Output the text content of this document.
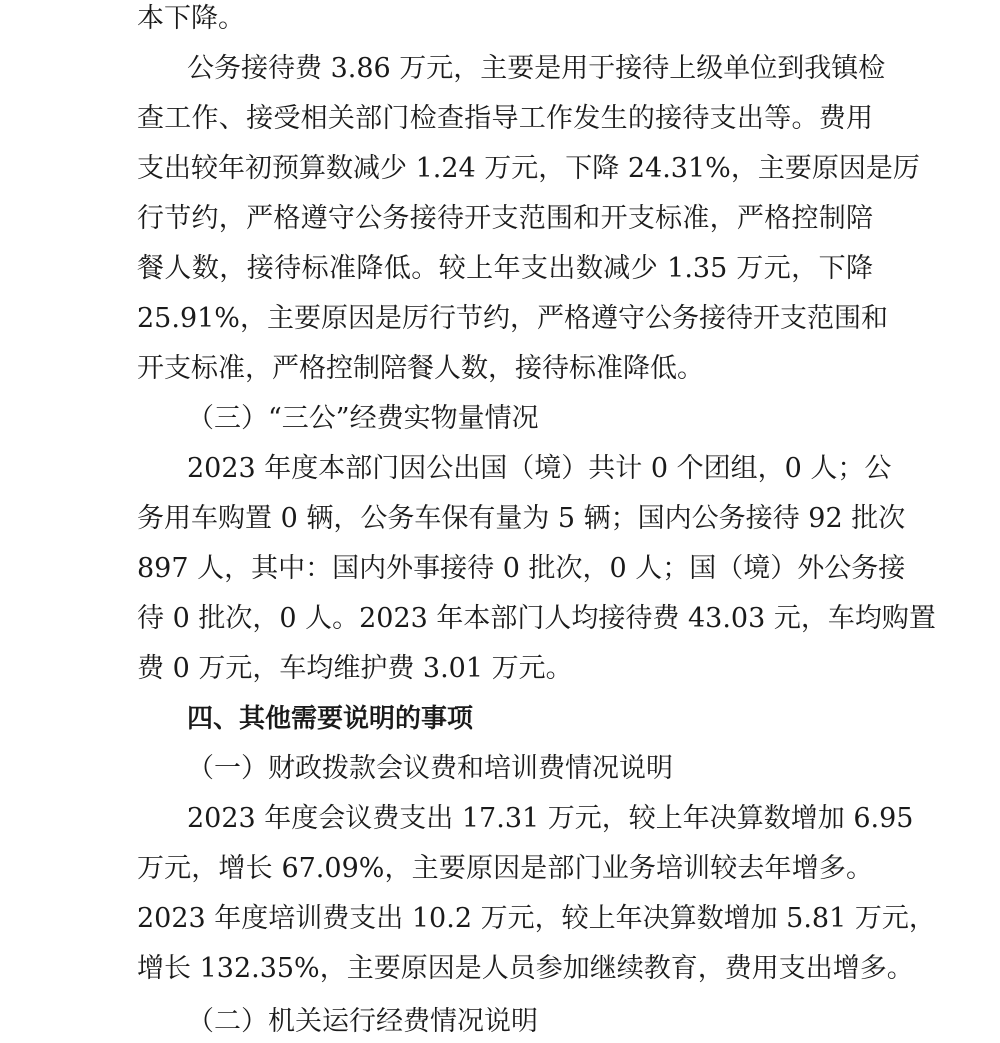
本下降。
公务接待费 3.86 万元，主要是用于接待上级单位到我镇检
查工作、接受相关部门检查指导工作发生的接待支出等。费用
支出较年初预算数减少 1.24 万元，下降 24.31%，主要原因是厉
行节约，严格遵守公务接待开支范围和开支标准，严格控制陪
餐人数，接待标准降低。较上年支出数减少 1.35 万元，下降
25.91%，主要原因是厉行节约，严格遵守公务接待开支范围和
开支标准，严格控制陪餐人数，接待标准降低。
（三）“三公”经费实物量情况
2023 年度本部门因公出国（境）共计 0 个团组，0 人；公
务用车购置 0 辆，公务车保有量为 5 辆；国内公务接待 92 批次
897 人，其中：国内外事接待 0 批次，0 人；国（境）外公务接
待 0 批次，0 人。2023 年本部门人均接待费 43.03 元，车均购置
费 0 万元，车均维护费 3.01 万元。
四、其他需要说明的事项
（一）财政拨款会议费和培训费情况说明
2023 年度会议费支出 17.31 万元，较上年决算数增加 6.95
万元，增长 67.09%，主要原因是部门业务培训较去年增多。
2023 年度培训费支出 10.2 万元，较上年决算数增加 5.81 万元，
增长 132.35%，主要原因是人员参加继续教育，费用支出增多。
（二）机关运行经费情况说明
